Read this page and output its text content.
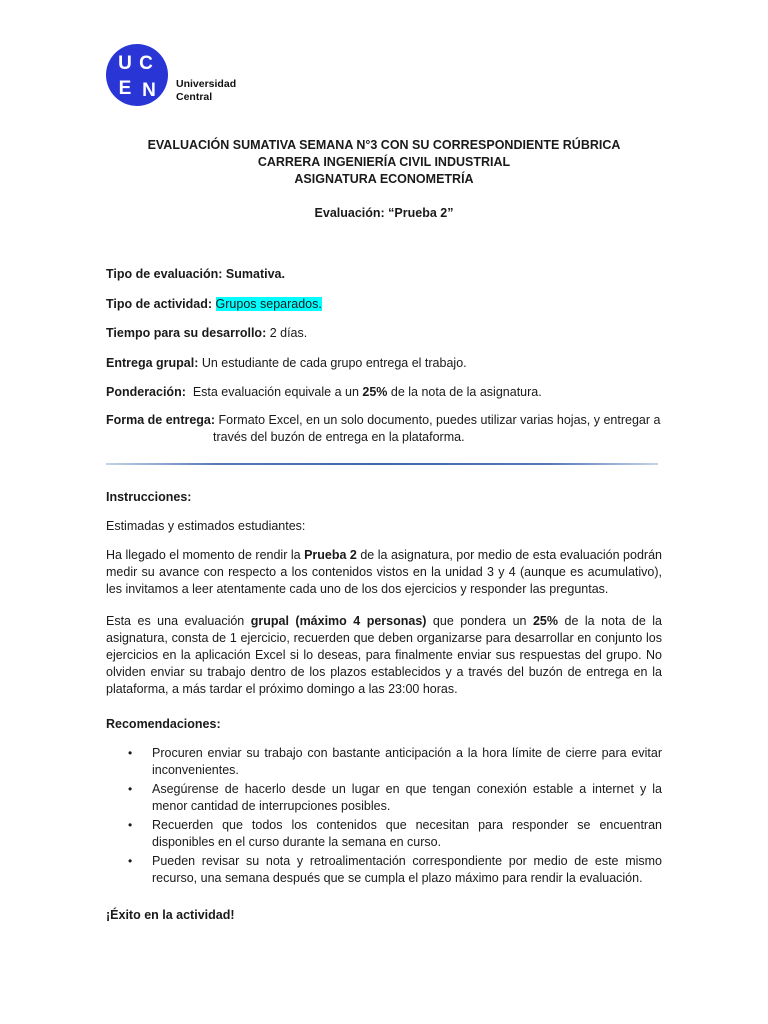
U C
E N Universidad
Central
EVALUACIÓN SUMATIVA SEMANA N°3 CON SU CORRESPONDIENTE RÚBRICA
CARRERA INGENIERÍA CIVIL INDUSTRIAL
ASIGNATURA ECONOMETRÍA
Evaluación: “Prueba 2”
Tipo de evaluación: Sumativa.
Tipo de actividad: Grupos separados.
Tiempo para su desarrollo: 2 días.
Entrega grupal: Un estudiante de cada grupo entrega el trabajo.
Ponderación:  Esta evaluación equivale a un 25% de la nota de la asignatura.
Forma de entrega: Formato Excel, en un solo documento, puedes utilizar varias hojas, y entregar a
través del buzón de entrega en la plataforma.
Instrucciones:
Estimadas y estimados estudiantes:
Ha llegado el momento de rendir la Prueba 2 de la asignatura, por medio de esta evaluación podrán medir su avance con respecto a los contenidos vistos en la unidad 3 y 4 (aunque es acumulativo), les invitamos a leer atentamente cada uno de los dos ejercicios y responder las preguntas.
Esta es una evaluación grupal (máximo 4 personas) que pondera un 25% de la nota de la asignatura, consta de 1 ejercicio, recuerden que deben organizarse para desarrollar en conjunto los ejercicios en la aplicación Excel si lo deseas, para finalmente enviar sus respuestas del grupo. No olviden enviar su trabajo dentro de los plazos establecidos y a través del buzón de entrega en la plataforma, a más tardar el próximo domingo a las 23:00 horas.
Recomendaciones:
• Procuren enviar su trabajo con bastante anticipación a la hora límite de cierre para evitar inconvenientes.
• Asegúrense de hacerlo desde un lugar en que tengan conexión estable a internet y la menor cantidad de interrupciones posibles.
• Recuerden que todos los contenidos que necesitan para responder se encuentran disponibles en el curso durante la semana en curso.
• Pueden revisar su nota y retroalimentación correspondiente por medio de este mismo recurso, una semana después que se cumpla el plazo máximo para rendir la evaluación.
¡Éxito en la actividad!
